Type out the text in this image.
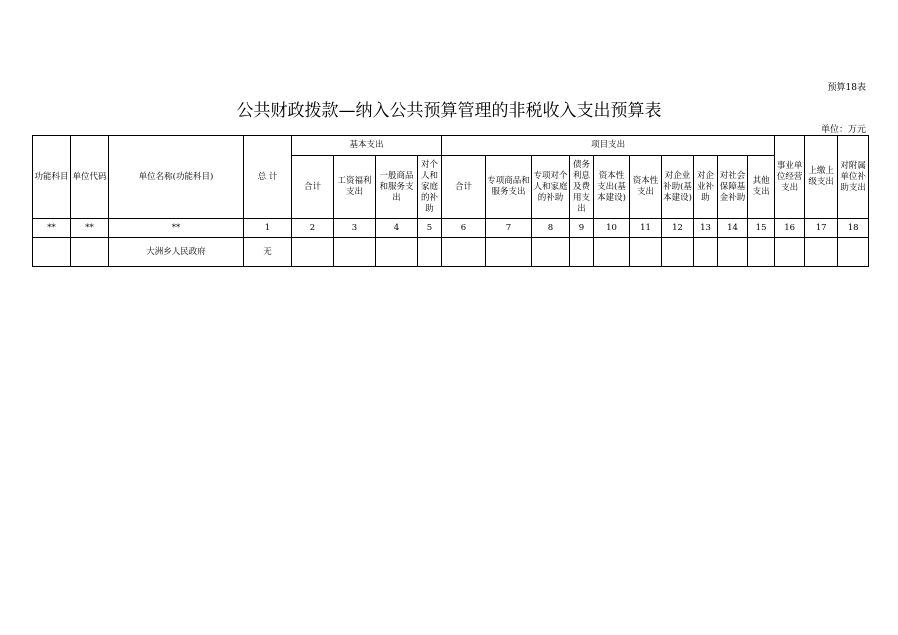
预算18表
公共财政拨款—纳入公共预算管理的非税收入支出预算表
单位：万元
功能科目	单位代码	单位名称(功能科目)	总 计	基本支出				项目支出										事业单位经营支出	上缴上级支出	对附属单位补助支出
				合计	工资福利支出	一般商品和服务支出	对个人和家庭的补助	合计	专项商品和服务支出	专项对个人和家庭的补助	债务利息及费用支出	资本性支出(基本建设)	资本性支出	对企业补助(基本建设)	对企业补助	对社会保障基金补助	其他支出			
**	**	**	1	2	3	4	5	6	7	8	9	10	11	12	13	14	15	16	17	18
		大洲乡人民政府	无																	
